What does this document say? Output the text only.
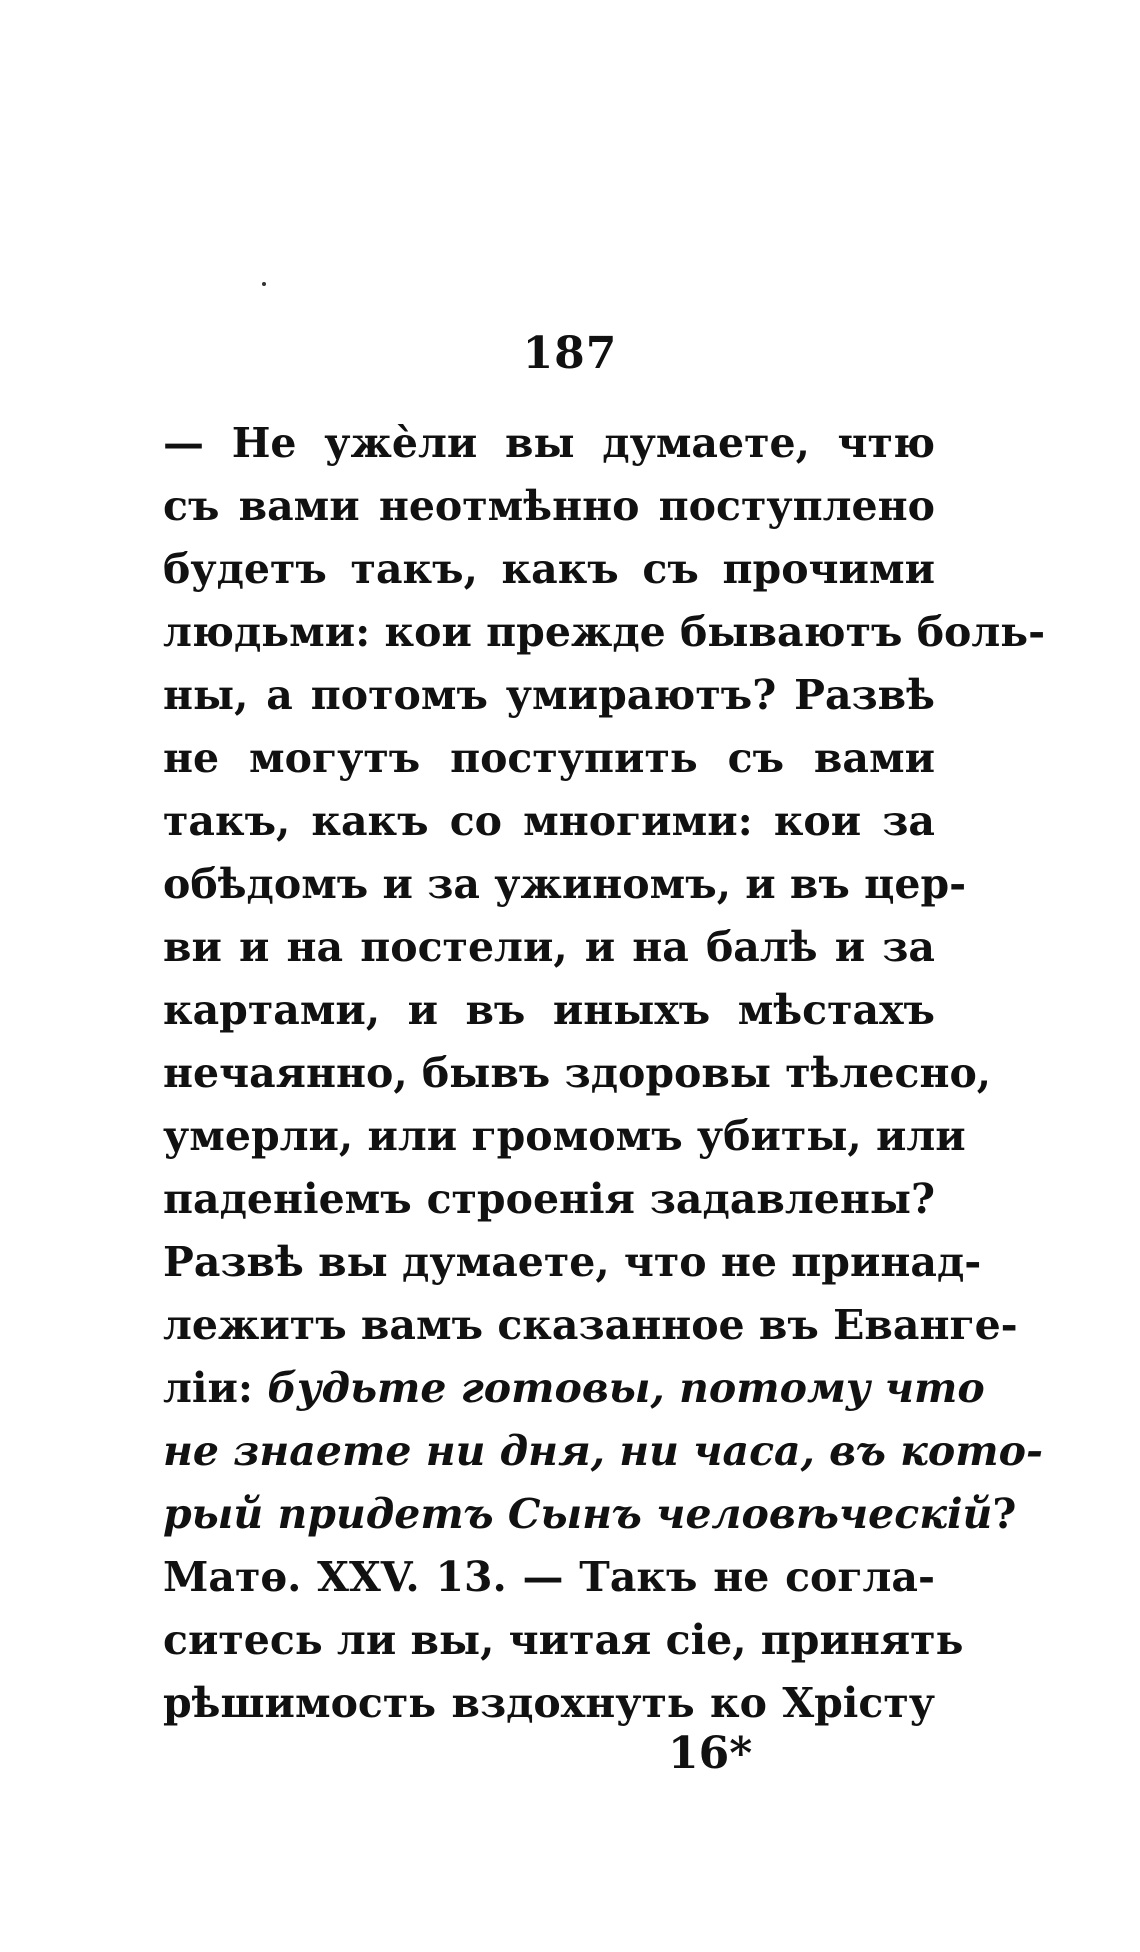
187
— Не ужѐли вы думаете, чтю
съ вами неотмѣнно поступлено
будетъ такъ, какъ съ прочими
людьми: кои прежде бываютъ боль-
ны, а потомъ умираютъ? Развѣ
не могутъ поступить съ вами
такъ, какъ со многими: кои за
обѣдомъ и за ужиномъ, и въ цер-
ви и на постели, и на балѣ и за
картами, и въ иныхъ мѣстахъ
нечаянно, бывъ здоровы тѣлесно,
умерли, или громомъ убиты, или
паденіемъ строенія задавлены?
Развѣ вы думаете, что не принад-
лежитъ вамъ сказанное въ Еванге-
ліи: будьте готовы, потому что
не знаете ни дня, ни часа, въ кото-
рый придетъ Сынъ человѣческій?
Матѳ. XXV. 13. — Такъ не согла-
ситесь ли вы, читая сіе, принять
рѣшимость вздохнуть ко Хрісту
16*
